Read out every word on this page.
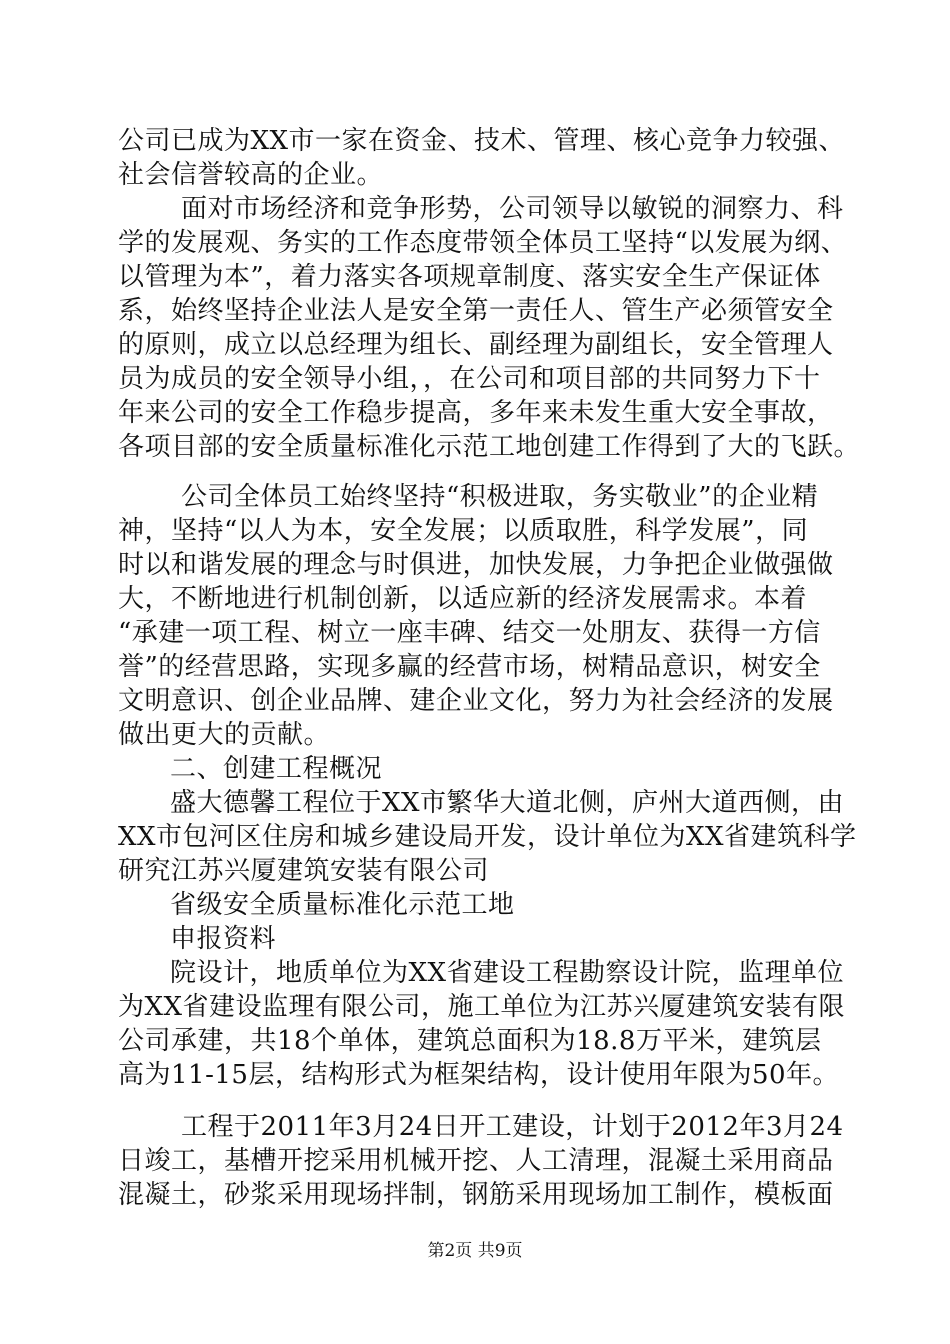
公司已成为XX市一家在资金、技术、管理、核心竞争力较强、
社会信誉较高的企业。
面对市场经济和竞争形势，公司领导以敏锐的洞察力、科
学的发展观、务实的工作态度带领全体员工坚持“以发展为纲、
以管理为本”，着力落实各项规章制度、落实安全生产保证体
系，始终坚持企业法人是安全第一责任人、管生产必须管安全
的原则，成立以总经理为组长、副经理为副组长，安全管理人
员为成员的安全领导小组，，在公司和项目部的共同努力下十
年来公司的安全工作稳步提高，多年来未发生重大安全事故，
各项目部的安全质量标准化示范工地创建工作得到了大的飞跃。
公司全体员工始终坚持“积极进取，务实敬业”的企业精
神，坚持“以人为本，安全发展；以质取胜，科学发展”，同
时以和谐发展的理念与时俱进，加快发展，力争把企业做强做
大，不断地进行机制创新，以适应新的经济发展需求。本着
“承建一项工程、树立一座丰碑、结交一处朋友、获得一方信
誉”的经营思路，实现多赢的经营市场，树精品意识，树安全
文明意识、创企业品牌、建企业文化，努力为社会经济的发展
做出更大的贡献。
二、创建工程概况
盛大德馨工程位于XX市繁华大道北侧，庐州大道西侧，由
XX市包河区住房和城乡建设局开发，设计单位为XX省建筑科学
研究江苏兴厦建筑安装有限公司
省级安全质量标准化示范工地
申报资料
院设计，地质单位为XX省建设工程勘察设计院，监理单位
为XX省建设监理有限公司，施工单位为江苏兴厦建筑安装有限
公司承建，共18个单体，建筑总面积为18.8万平米，建筑层
高为11-15层，结构形式为框架结构，设计使用年限为50年。
工程于2011年3月24日开工建设，计划于2012年3月24
日竣工，基槽开挖采用机械开挖、人工清理，混凝土采用商品
混凝土，砂浆采用现场拌制，钢筋采用现场加工制作，模板面
第2页 共9页
